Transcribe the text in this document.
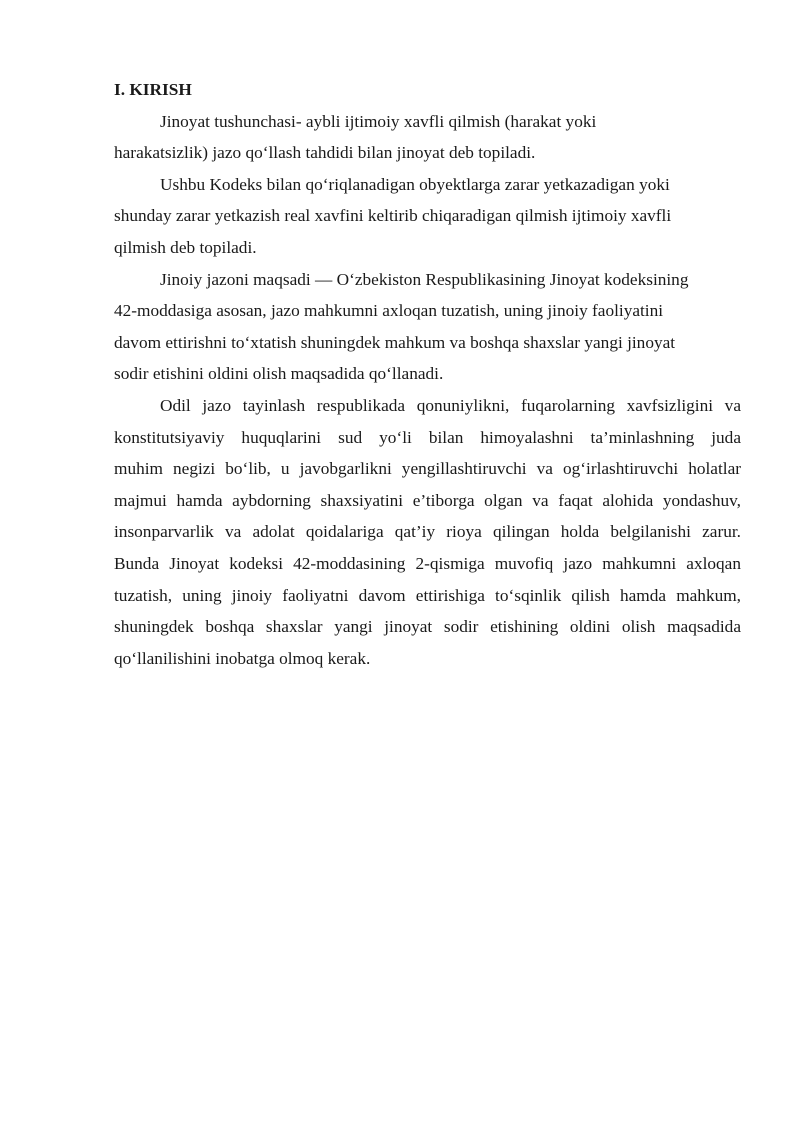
I. KIRISH

Jinoyat tushunchasi- aybli ijtimoiy xavfli qilmish (harakat yoki
harakatsizlik) jazo qo‘llash tahdidi bilan jinoyat deb topiladi.

Ushbu Kodeks bilan qo‘riqlanadigan obyektlarga zarar yetkazadigan yoki
shunday zarar yetkazish real xavfini keltirib chiqaradigan qilmish ijtimoiy xavfli
qilmish deb topiladi.

Jinoiy jazoni maqsadi — O‘zbekiston Respublikasining Jinoyat kodeksining
42-moddasiga asosan, jazo mahkumni axloqan tuzatish, uning jinoiy faoliyatini
davom ettirishni to‘xtatish shuningdek mahkum va boshqa shaxslar yangi jinoyat
sodir etishini oldini olish maqsadida qo‘llanadi.

Odil jazo tayinlash respublikada qonuniylikni, fuqarolarning xavfsizligini va
konstitutsiyaviy huquqlarini sud yo‘li bilan himoyalashni ta’minlashning juda
muhim negizi bo‘lib, u javobgarlikni yengillashtiruvchi va og‘irlashtiruvchi holatlar
majmui hamda aybdorning shaxsiyatini e’tiborga olgan va faqat alohida yondashuv,
insonparvarlik va adolat qoidalariga qat’iy rioya qilingan holda belgilanishi zarur.
Bunda Jinoyat kodeksi 42-moddasining 2-qismiga muvofiq jazo mahkumni axloqan
tuzatish, uning jinoiy faoliyatni davom ettirishiga to‘sqinlik qilish hamda mahkum,
shuningdek boshqa shaxslar yangi jinoyat sodir etishining oldini olish maqsadida
qo‘llanilishini inobatga olmoq kerak.
